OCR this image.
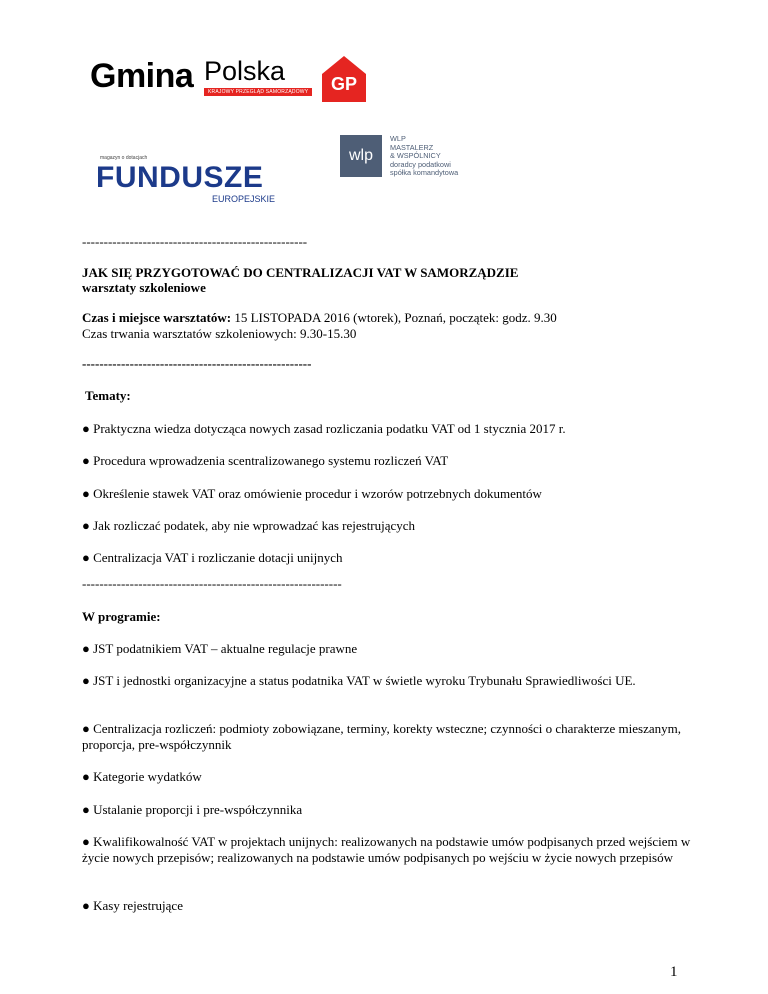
Gmina Polska
KRAJOWY PRZEGLĄD SAMORZĄDOWY GP
magazyn o dotacjach
FUNDUSZE
EUROPEJSKIE
wlp
WLP
MASTALERZ
& WSPÓLNICY
doradcy podatkowi
spółka komandytowa
----------------------------------------------------
JAK SIĘ PRZYGOTOWAĆ DO CENTRALIZACJI VAT W SAMORZĄDZIE
warsztaty szkoleniowe
Czas i miejsce warsztatów: 15 LISTOPADA 2016 (wtorek), Poznań, początek: godz. 9.30
Czas trwania warsztatów szkoleniowych: 9.30-15.30
-----------------------------------------------------
Tematy:
● Praktyczna wiedza dotycząca nowych zasad rozliczania podatku VAT od 1 stycznia 2017 r.
● Procedura wprowadzenia scentralizowanego systemu rozliczeń VAT
● Określenie stawek VAT oraz omówienie procedur i wzorów potrzebnych dokumentów
● Jak rozliczać podatek, aby nie wprowadzać kas rejestrujących
● Centralizacja VAT i rozliczanie dotacji unijnych
------------------------------------------------------------
W programie:
● JST podatnikiem VAT – aktualne regulacje prawne
● JST i jednostki organizacyjne a status podatnika VAT w świetle wyroku Trybunału Sprawiedliwości UE.
● Centralizacja rozliczeń: podmioty zobowiązane, terminy, korekty wsteczne; czynności o charakterze mieszanym, proporcja, pre-współczynnik
● Kategorie wydatków
● Ustalanie proporcji i pre-współczynnika
● Kwalifikowalność VAT w projektach unijnych: realizowanych na podstawie umów podpisanych przed wejściem w życie nowych przepisów; realizowanych na podstawie umów podpisanych po wejściu w życie nowych przepisów
● Kasy rejestrujące
1
